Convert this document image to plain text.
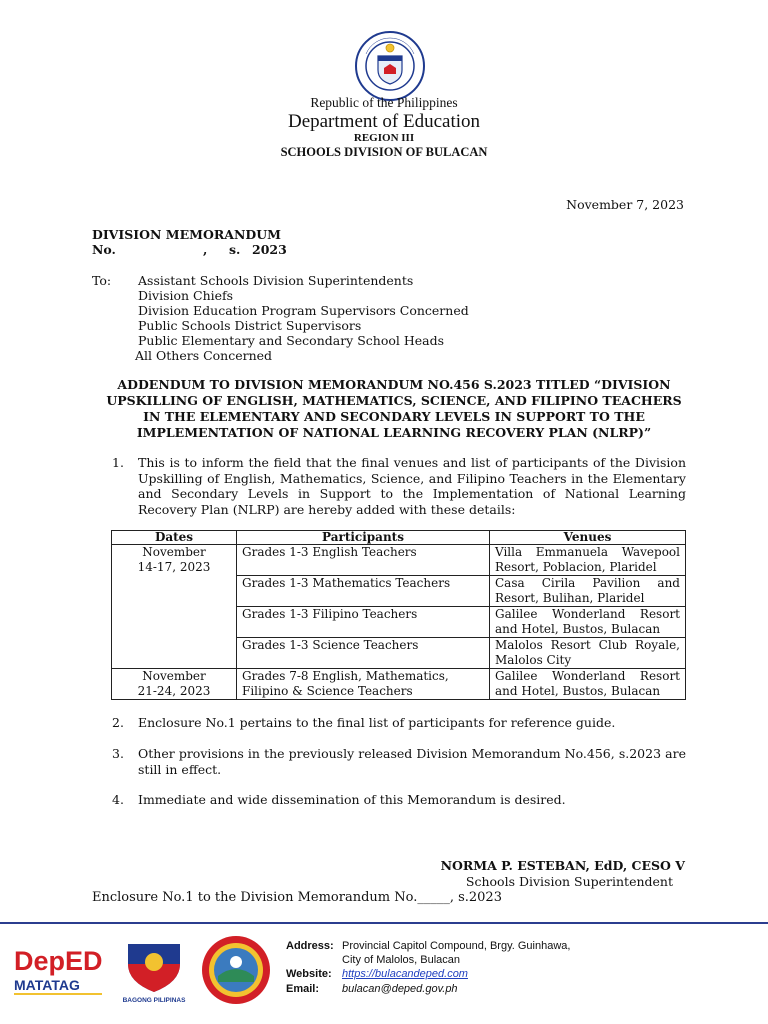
Republic of the Philippines
Department of Education
REGION III
SCHOOLS DIVISION OF BULACAN
November 7, 2023
DIVISION MEMORANDUM
No.	, s. 2023
To: Assistant Schools Division Superintendents
Division Chiefs
Division Education Program Supervisors Concerned
Public Schools District Supervisors
Public Elementary and Secondary School Heads
All Others Concerned
ADDENDUM TO DIVISION MEMORANDUM NO.456 S.2023 TITLED “DIVISION UPSKILLING OF ENGLISH, MATHEMATICS, SCIENCE, AND FILIPINO TEACHERS IN THE ELEMENTARY AND SECONDARY LEVELS IN SUPPORT TO THE IMPLEMENTATION OF NATIONAL LEARNING RECOVERY PLAN (NLRP)”
1. This is to inform the field that the final venues and list of participants of the Division Upskilling of English, Mathematics, Science, and Filipino Teachers in the Elementary and Secondary Levels in Support to the Implementation of National Learning Recovery Plan (NLRP) are hereby added with these details:
Dates	Participants	Venues

November
14-17, 2023	Grades 1-3 English Teachers	Villa Emmanuela Wavepool Resort, Poblacion, Plaridel
	Grades 1-3 Mathematics Teachers	Casa Cirila Pavilion and Resort, Bulihan, Plaridel
	Grades 1-3 Filipino Teachers	Galilee Wonderland Resort and Hotel, Bustos, Bulacan
	Grades 1-3 Science Teachers	Malolos Resort Club Royale, Malolos City

November
21-24, 2023	Grades 7-8 English, Mathematics, Filipino & Science Teachers	Galilee Wonderland Resort and Hotel, Bustos, Bulacan
2. Enclosure No.1 pertains to the final list of participants for reference guide.
3. Other provisions in the previously released Division Memorandum No.456, s.2023 are still in effect.
4. Immediate and wide dissemination of this Memorandum is desired.
NORMA P. ESTEBAN, EdD, CESO V
Schools Division Superintendent
Enclosure No.1 to the Division Memorandum No._____, s.2023
DepED
MATATAG
BAGONG PILIPINAS
Address: Provincial Capitol Compound, Brgy. Guinhawa,
City of Malolos, Bulacan
Website: https://bulacandeped.com
Email: bulacan@deped.gov.ph
